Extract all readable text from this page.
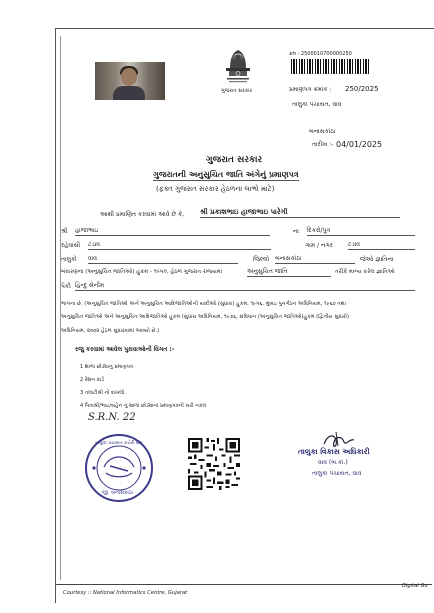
ક્રમ : 2500010700000250
પ્રમાણપત્ર ક્રમાંક : 250/2025
તાલુકા પંચાયત, વાવ
ગુજરાત સરકાર
બનાસકાંઠા
તારીખ :- 04/01/2025
ગુજરાત સરકાર
ગુજરાતની અનુસુચિત જાતિ અંગેનું પ્રમાણપત્ર
(ફક્ત ગુજરાત સરકાર હેઠળના લાભો માટે)
આથી પ્રમાણિત કરવામાં આવે છે કે, શ્રી પ્રકાશભાઇ હાજાભાઇ પારેગી
શ્રી હાજાભાઇ	ના દિકરો/પુત્ર
રહેવાસી ટડાવ	ગામ / નગર	ટડાવ
તાલુકો વાવ	જિલ્લો બનાસકાંઠા	જેઓ જ્ઞાતિના
બંધારણના (અનુસુચિત જાતિઓ) હુકમ - ૧૯૫૦, હેઠળ ગુજરાત રાજ્યમાં	અનુસુચિત જાતિ	તરીકે માન્ય કરેલ જ્ઞાતિઓ
પૈકી હિન્દુ સેનીમ
ભાગના છે. (અનુસુચિત જાતિઓ અને અનુસુચિત આદિજાતિઓની યાદીઓ (સુધારા) હુકમ, ૧૯૫૬, મુંબઇ પુનર્ગઠન અધિનિયમ, ૧૯૬૦ તથા
અનુસુચિત જાતિઓ અને અનુસુચિત આદિજાતિઓ હુકમ (સુધારા અધિનિયમ, ૧૯૭૬, સંવિધાન (અનુસુચિત જાતિઓ)હુકમ (દ્વિતીય સુધારો)
અધિનિયમ, ૨૦૦૨ હેઠળ સુધારવામાં આવ્યો છે.)
રજુ કરવામાં આવેલ પુરાવાઓની વિગત :-
1 શાળા છોડ્યાનું પ્રમાણપત્ર
2 રેશન કાર્ડ
3 તલાટીશ્રી નો દાખલો.
4 પિતાશ્રી/ભાઇ/બહેન નું શાળા છોડ્યાનાં પ્રમાણપત્રની ખરી નકલ
S.R.N. 22
તાલુકા પંચાયત કચેરી વાવ
જી. બનાસકાંઠા
તાલુકા વિકાસ અધિકારી
વાવ (બ.કાં.)
તાલુકા પંચાયત, વાવ
Courtesy :: National Informatics Centre, Gujarat
Digital Gu
